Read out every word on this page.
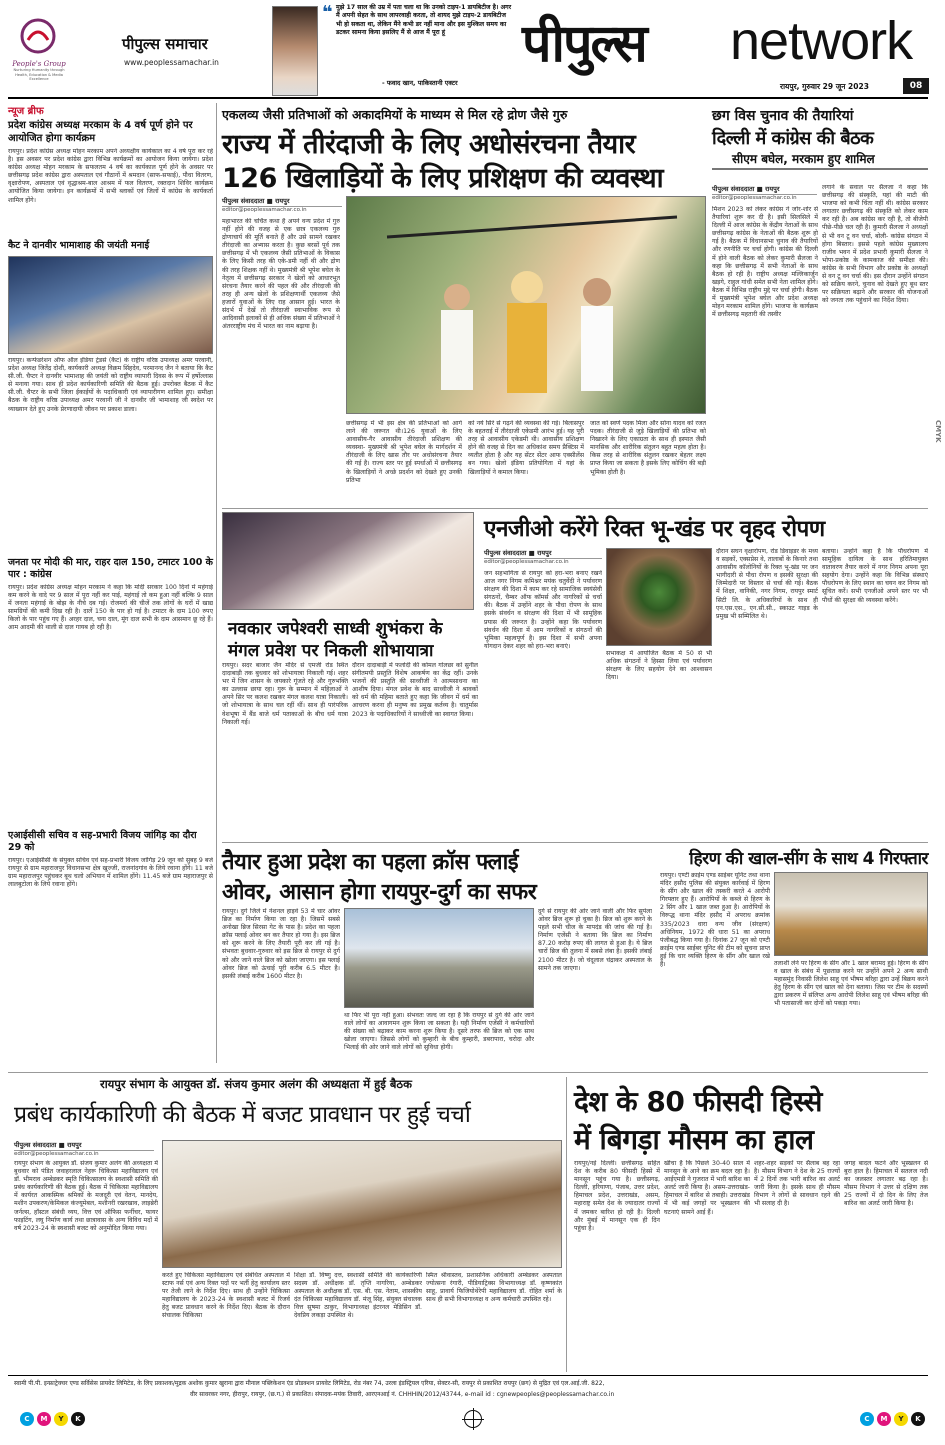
People's Group
Nurturing Humanity through Health, Education & Media Excellence
पीपुल्स समाचार
www.peoplessamachar.in
❝ मुझे 17 साल की उम्र में पता चला था कि उनको टाइप-1 डायबिटीज है। अगर मैं अपनी सेहत के साथ लापरवाही करता, तो शायद मुझे टाइप-2 डायबिटीज भी हो सकता था, लेकिन मैंने कभी डर नहीं माना और इस मुश्किल समय का डटकर सामना किया इसलिए मैं से आज मैं पूरा हूं
- फवाद खान, पाकिस्तानी एक्टर
पीपुल्स network
रायपुर, गुरुवार 29 जून 2023	08
न्यूज ब्रीफ
प्रदेश कांग्रेस अध्यक्ष मरकाम के 4 वर्ष पूर्ण होने पर आयोजित होगा कार्यक्रम
रायपुर। प्रदेश कांग्रेस अध्यक्ष मोहन मरकाम अपने अध्यक्षीय कार्यकाल का 4 वर्ष पूरा कर रहे है। इस अवसर पर प्रदेश कांग्रेस द्वारा विभिन्न कार्यक्रमों का आयोजन किया जायेगा। प्रदेश कांग्रेस अध्यक्ष मोहन मरकाम के सफलतम 4 वर्ष का कार्यकाल पूर्ण होने के अवसर पर छत्तीसगढ़ प्रदेश कांग्रेस द्वारा अस्पताल एवं गौठानों में श्रमदान (साफ-सफाई), पौधा वितरण, वृक्षारोपण, अस्पताल एवं वृद्धाश्रम-बाल आश्रम में फल वितरण, रक्तदान शिविर कार्यक्रम आयोजित किया जायेगा। इन कार्यक्रमों में सभी ब्लाकों एवं जिलों में कांग्रेस के कार्यकर्ता शामिल होंगे।
कैट ने दानवीर भामाशाह की जयंती मनाई
रायपुर। कन्फेडरेशन ऑफ ऑल इंडिया ट्रेडर्स (कैट) के राष्ट्रीय वरिष्ठ उपाध्यक्ष अमर परवानी, प्रदेश अध्यक्ष जितेंद्र दोशी, कार्यकारी अध्यक्ष विक्रम सिंहदेव, परमानन्द जैन ने बताया कि कैट सी.जी. चैप्टर ने दानवीर भामाशाह की जयंती को राष्ट्रीय व्यापारी दिवस के रूप में हर्षोल्लास से मनाया गया। साथ ही प्रदेश कार्यकारिणी समिति की बैठक हुई। उपरोक्त बैठक में कैट सी.जी. चैप्टर के सभी जिला ईकाईयों के पदाधिकारी एवं व्यापारीगण शामिल हुए। समीक्षा बैठक के राष्ट्रीय वरिष्ठ उपाध्यक्ष अमर परवानी जी ने दानवीर जी भामाशाह जी स्वदेश पर व्याख्यान देते हुए उनके प्रेरणादायी जीवन पर प्रकाश डाला।
जनता पर मोदी की मार, राहर दाल 150, टमाटर 100 के पार : कांग्रेस
रायपुर। प्रदेश कांग्रेस अध्यक्ष मोहन मरकाम ने कहा कि मोदी सरकार 100 दिनों में महंगाई कम करने के वादे पर 9 साल में पूरा नहीं कर पाई, महंगाई तो कम हुआ नहीं बल्कि 9 साल में जनता महंगाई के बोझ के नीचे दब गई। रोजमर्रा की चीजें तक लोगों के घरों में खाद्य सामग्रियों की कमी दिख रही है। दालें 150 के पार हो गई है। टमाटर के दाम 100 रुपए किलो के पार पहुंच गए हैं। अरहर दाल, चना दाल, मूंग दाल सभी के दाम आसमान छू रहे हैं। आम आदमी की थाली से दाल गायब हो रही है।
एआईसीसी सचिव व सह-प्रभारी विजय जांगिड़ का दौरा 29 को
रायपुर। एआईसीसी के संयुक्त सचिव एवं सह-प्रभारी विजय जांगिड़ 29 जून को सुबह 9 बजे रायपुर से ग्राम महाराजपुर विधानसभा क्षेत्र खुज्जी, राजनांदगांव के लिये रवाना होंगे। 11 बजे ग्राम महाराजपुर पहुंचकर बूथ चलो अभियान में शामिल होंगे। 11.45 बजे ग्राम महाराजपुर से लालबुटोला के लिये रवाना होंगे।
एकलव्य जैसी प्रतिभाओं को अकादमियों के माध्यम से मिल रहे द्रोण जैसे गुरु
राज्य में तीरंदाजी के लिए अधोसंरचना तैयार
126 खिलाड़ियों के लिए प्रशिक्षण की व्यवस्था
पीपुल्स संवाददाता ■ रायपुर
editor@peoplessamachar.co.in
महाभारत की चर्चित कथा है अपने वन्य प्रदेश में गुरु नहीं होने की वजह से एक छात्र एकलव्य गुरु द्रोणाचार्य की मूर्ति बनाते हैं और उसे सामने रखकर तीरंदाजी का अभ्यास करता है। कुछ बरसों पूर्व तक छत्तीसगढ़ में भी एकलव्य जैसी प्रतिभाओं के विकास के लिए किसी तरह की एके-डमी नहीं थी और द्रोण की तरह शिक्षक नहीं थे। मुख्यमंत्री श्री भूपेश बघेल के नेतृत्व में छत्तीसगढ़ सरकार ने खेलों को आधारभूत संरचना तैयार करने की पहल की और तीरंदाजी की तरह ही अन्य खेलों के प्रशिक्षणार्थी एकलव्य जैसे हजारों युवाओं के लिए राह आसान हुई। भारत के संदर्भ में देखें तो तीरंदाजी स्वाभाविक रूप से आदिवासी इलाकों से ही अधिक संख्या में प्रतिभाओं ने अंतरराष्ट्रीय मंच में भारत का नाम बढ़ाया है।
छत्तीसगढ़ में भी इस क्षेत्र की प्रतिभाओं को आगे लाने की जरूरत थी।126 युवाओं के लिए आवासीय-गैर आवासीय तीरंदाजी प्रशिक्षण की व्यवस्था- मुख्यमंत्री श्री भूपेश बघेल के मार्गदर्शन में तीरंदाजी के लिए खास तौर पर अधोसंरचना तैयार की गई है। राज्य स्तर पर हुई स्पर्धाओं में छत्तीसगढ़ के खिलाड़ियों ने अच्छे प्रदर्शन को देखते हुए उनकी प्रतिभा
को नये सिरे से गढ़ने की व्यवस्था की गई। बिलासपुर के बहतराई में तीरंदाजी एकेडमी आरंभ हुई। यह पूरी तरह से आवासीय एकेडमी थी। आवासीय प्रशिक्षण होने की वजह से दिन का अधिकांश समय प्रैक्टिस में व्यतीत होता है और यह सेंटर सेंटर आफ एक्सीलेंस बन गया। खेलो इंडिया प्रतियोगिता में यहां के खिलाड़ियों ने कमाल किया।
जात को स्वर्ण पदक मिला और सोना यादव को रजत पदक। तीरंदाजी से जुड़े खिलाड़ियों की प्रतिभा को निखारने के लिए एकाग्रता के साथ ही इस्पात जैसी मानसिक और शारीरिक संतुलन बहुत महत्व होता है। किस तरह से शारीरिक संतुलन रखकर बेहतर लक्ष्य प्राप्त किया जा सकता है इसके लिए कोचिंग की बड़ी भूमिका होती है।
छग विस चुनाव की तैयारियां
दिल्ली में कांग्रेस की बैठक
सीएम बघेल, मरकाम हुए शामिल
पीपुल्स संवाददाता ■ रायपुर
editor@peoplessamachar.co.in
मिशन 2023 को लेकर कांग्रेस ने जोर-शोर से तैयारियां शुरू कर दी है। इसी सिलसिले में दिल्ली में आज कांग्रेस के केंद्रीय नेताओं के साथ छत्तीसगढ़ कांग्रेस के नेताओं की बैठक शुरू हो गई है। बैठक में विधानसभा चुनाव की तैयारियों और रणनीति पर चर्चा होगी। कांग्रेस की दिल्ली में होने वाली बैठक को लेकर कुमारी सैलजा ने कहा कि छत्तीसगढ़ में सभी नेताओं के साथ बैठक हो रही है। राष्ट्रीय अध्यक्ष मल्लिकार्जुन खड़गे, राहुल गांधी समेत सभी नेता शामिल होंगे। बैठक में विभिन्न राष्ट्रीय मुद्दे पर चर्चा होगी। बैठक में मुख्यमंत्री भूपेश बघेल और प्रदेश अध्यक्ष मोहन मरकाम शामिल होंगे। भाजपा के कार्यक्रम में छत्तीसगढ़ महतारी की तस्वीर
लगाने के सवाल पर सैलजा ने कहा कि छत्तीसगढ़ की संस्कृति, यहां की माटी की भाजपा को कभी चिंता नहीं थी। कांग्रेस सरकार लगातार छत्तीसगढ़ की संस्कृति को लेकर काम कर रही है। अब कांग्रेस कर रही है, तो बीजेपी पीछे-पीछे चल रही है। कुमारी सैलजा ने अध्यक्षों से भी वन टू वन चर्चा, बोली- कांग्रेस संगठन में होगा बिस्तार। इससे पहले कांग्रेस मुख्यालय राजीव भवन में प्रदेश प्रभारी कुमारी सैलजा ने भोपा-प्रकोष्ठ के कामकाज की समीक्षा की। कांग्रेस के सभी विभाग और प्रकोष्ठ के अध्यक्षों से वन टू वन चर्चा की। इस दौरान उन्होंने संगठन को सक्रिय करने, चुनाव को देखते हुए बूथ स्तर पर सक्रियता बढ़ाने और सरकार की योजनाओं को जनता तक पहुंचाने का निर्देश दिया।
CMYK
एनजीओ करेंगे रिक्त भू-खंड पर वृहद रोपण
पीपुल्स संवाददाता ■ रायपुर
editor@peoplessamachar.co.in
जन सहभागिता से रायपुर को हरा-भरा बनाए रखने आज नगर निगम कमिश्नर मयंक चतुर्वेदी ने पर्यावरण संरक्षण की दिशा में काम कर रहे सामाजिक स्वयंसेवी संगठनों, चैम्बर ऑफ कॉमर्स और नागरिकों से चर्चा की। बैठक में उन्होंने शहर के पौधा रोपण के साथ इसके संवर्धन व संरक्षण की दिशा में भी सामूहिक प्रयास की जरूरत है। उन्होंने कहा कि पर्यावरण संवर्धन की दिशा में आम नागरिकों व संगठनों की भूमिका महत्वपूर्ण है। इस दिशा में सभी अपना योगदान देकर शहर को हरा-भरा बनाएं।
सभाकक्ष में आयोजित बैठक में 50 से भी अधिक संगठनों ने हिस्सा लिया एवं पर्यावरण संरक्षण के लिए सहयोग देने का आश्वासन दिया।
दौरान सघन वृक्षारोपण, रोड डिवाइडर के मध्य व सड़कों, एक्सप्रेस वे, तालाबों के किनारे तथा आवासीय कॉलोनियों के रिक्त भू-खंड पर जन भागीदारी से पौधा रोपण व इसकी सुरक्षा की जिम्मेदारी पर विस्तार से चर्चा की गई। बैठक में शिक्षा, वानिकी, नगर निगम, रायपुर स्मार्ट सिटी लि. के अधिकारियों के साथ ही एन.एस.एस., एन.सी.सी., स्काउट गाइड के प्रमुख भी सम्मिलित थे।
बताया। उन्होंने कहा है कि पौधरोपण में सामूहिक दायित्व के साथ हरितिमायुक्त वातावरण तैयार करने में नगर निगम अपना पूरा सहयोग देगा। उन्होंने कहा कि विभिन्न संस्थाएं पौधरोपण के लिए स्थान का चयन कर निगम को सूचित करें। सभी एनजीओ अपने स्तर पर भी पौधों की सुरक्षा की व्यवस्था करेंगे।
नवकार जपेश्वरी साध्वी शुभंकरा के
मंगल प्रवेश पर निकली शोभायात्रा
रायपुर। सदर बाजार जैन मंदिर से एमजी रोड स्थित दादाबाड़ी तक बुधवार को शोभायात्रा निकाली गई। शहर भर में जिन शासन के जयकारे गूंजते रहे और गुरुभक्ति का उल्लास छाया रहा। गुरू के सम्मान में महिलाओं ने अपने सिर पर कलश रखकर मंगल कलश यात्रा निकाली। जो शोभायात्रा के साथ चल रहीं थीं। साथ ही पारंपरिक वेशभूषा में बैंड बाजे धर्म पताकाओं के बीच धर्म यात्रा निकाली गई।
दौरान दादाबाड़ी में फलोदी की कोमल गोलछा को सुनील संगीतमयी प्रस्तुति विशेष आकर्षण का केंद्र रहीं। उनके भजनों की प्रस्तुति की साध्वीजी ने आत्मसाधना का आशीष दिया। मंगल प्रवेश के बाद साध्वीजी ने श्रावकों को धर्म की महिमा बताते हुए कहा कि जीवन में धर्म का आचरण करना ही मनुष्य का प्रमुख कर्तव्य है। चातुर्मास 2023 के पदाधिकारियों ने साध्वीजी का स्वागत किया।
तैयार हुआ प्रदेश का पहला क्रॉस फ्लाई
ओवर, आसान होगा रायपुर-दुर्ग का सफर
रायपुर। दुर्ग जिले में नेशनल हाइवे 53 में चार ओवर ब्रिज का निर्माण किया जा रहा है। जिसमें सबसे अनोखा ब्रिज सिरसा गेट के पास है। प्रदेश का पहला क्रॉस फ्लाई ओवर बन कर तैयार हो गया है। इस ब्रिज को शुरू करने के लिए तैयारी पूरी कर ली गई है। संभवतः बुधवार-गुरुवार को इस ब्रिज से रायपुर से दुर्ग को और जाने वाले ब्रिज को खोला जाएगा। इस फ्लाई ओवर ब्रिज को ऊंचाई पूरी करीब 6.5 मीटर है। इसकी लंबाई करीब 1600 मीटर है।
था फिर भी पूरा नहीं हुआ। संभवतः जल्द जा रहा है कि रायपुर से दुर्ग की ओर जाने वाले लोगों का आवागमन शुरू किया जा सकता है। यही निर्माण एजेंसी ने कर्मचारियों की संख्या को बढ़ाकर काम करना शुरू किया है। दूसरे तरफ की ब्रिज को एक साथ खोला जाएगा। जिससे लोगों को कुम्हारी के बीच कुम्हारी, डबरापारा, चरोदा और भिलाई की ओर जाने वाले लोगों को सुविधा होगी।
दुर्ग से रायपुर की ओर जाने वाली और फिर सुपेला ओवर ब्रिज शुरू हो चुका है। ब्रिज को शुरू करने के पहले सभी चीज के मापदंड की जांच की गई है। निर्माण एजेंसी ने बताया कि ब्रिज का निर्माण 87.20 करोड़ रुपए की लागत से हुआ है। ये ब्रिज चारों ब्रिज की तुलना में सबसे लंबा है। इसकी लंबाई 2100 मीटर है। जो चंदूलाल चंद्राकर अस्पताल के सामने तक जाएगा।
हिरण की खाल-सींग के साथ 4 गिरफ्तार
रायपुर। एण्टी क्राईम एण्ड साईबर यूनिट तथा थाना मंदिर हसौद पुलिस की संयुक्त कार्रवाई में हिरण के सींग और खाल की तस्करी करते 4 आरोपी गिरफ्तार हुए हैं। आरोपियों के कब्जे से हिरण के 2 सिंग और 1 खाल जब्त हुआ है। आरोपियों के विरूद्ध थाना मंदिर हसौद में अपराध क्रमांक 335/2023 धारा वन्य जीव (संरक्षण) अधिनियम, 1972 की धारा 51 का अपराध पंजीबद्ध किया गया है। दिनांक 27 जून को एण्टी क्राईम एण्ड साईबर यूनिट की टीम को सूचना प्राप्त हुई कि चार व्यक्ति हिरण के सींग और खाल रखे हैं।	तलाशी लेने पर हिरण के सींग और 1 खाल बरामद हुई। हिरण के सींग व खाल के संबंध में पूछताछ करने पर उन्होंने अपने 2 अन्य साथी महासमुंद निवासी लिलेश साहू एवं भीषम बरिहा द्वारा उन्हें बिक्रय करने हेतु हिरण के सींग एवं खाल को देना बताया। जिस पर टीम के सदस्यों द्वारा प्रकरण में संलिप्त अन्य आरोपी लिलेश साहू एवं भीषम बरिहा की भी पतासाजी कर दोनों को पकड़ा गया।
रायपुर संभाग के आयुक्त डॉ. संजय कुमार अलंग की अध्यक्षता में हुई बैठक
प्रबंध कार्यकारिणी की बैठक में बजट प्रावधान पर हुई चर्चा
पीपुल्स संवाददाता ■ रायपुर
editor@peoplessamachar.co.in
रायपुर संभाग के आयुक्त डॉ. संजय कुमार अलंग की अध्यक्षता में बुधवार को पंडित जवाहरलाल नेहरू चिकित्सा महाविद्यालय एवं डॉ. भीमराव अम्बेडकर स्मृति चिकित्सालय के स्वशासी समिति की प्रबंध कार्यकारिणी की बैठक हुई। बैठक में चिकित्सा महाविद्यालय में कार्यरत आकस्मिक श्रमिकों के मजदूरी एवं वेतन, मानदेय, मशीन उपकरण/केमिकल कंज्यूमेबल, मशीनरी रखरखाव, लाइब्रेरी जर्नल्स, हॉस्टल संबंधी व्यय, वित्त एवं ऑफिस फर्नीचर, फायर फाइटिंग, लघु निर्माण कार्य तथा छात्रावास के अन्य विविध मदों में वर्ष 2023-24 के स्वशासी बजट को अनुमोदित किया गया।
करते हुए चिकित्सा महाविद्यालय एवं संबंधित अस्पताल में स्टाफ नर्स एवं अन्य रिक्त पदों पर भर्ती हेतु कार्यालय स्तर पर तेजी लाने के निर्देश दिए। साथ ही उन्होंने चिकित्सा महाविद्यालय के 2023-24 के स्वशासी बजट में रिजर्व हेतु बजट प्रावधान करने के निर्देश दिए। बैठक के दौरान संचालक चिकित्सा
शिक्षा डॉ. विष्णु दत्त, स्वशासी समिति की कार्यकारिणी सदस्य डॉ. अधीक्षक डॉ. तृप्ति नागरिया, अम्बेडकर अस्पताल के अधीक्षक डॉ. एस. बी. एस. नेताम, शासकीय दंत चिकित्सा महाविद्यालय डॉ. मंजू सिंह, संयुक्त संचालक वित्त सुषमा ठाकुर, विभागाध्यक्ष इंटरनल मेडिसिन डॉ. देवप्रिय लकड़ा उपस्थित थे।
स्मित श्रीवास्तव, प्रशासनिक अधिकारी अम्बेडकर अस्पताल ज्योत्सना रंगारी, पीडियाट्रिक्स विभागाध्यक्ष डॉ. कृष्णकांत साहू, प्रावार्य फिजियोथेरेपी महाविद्यालय डॉ. रोहित शर्मा के साथ ही सभी विभागाध्यक्ष व अन्य कर्मचारी उपस्थित रहे।
देश के 80 फीसदी हिस्से
में बिगड़ा मौसम का हाल
रायपुर/नई दिल्ली। छत्तीसगढ़ सहित देश के करीब 80 फीसदी हिस्से में मानसून पहुंच गया है। छत्तीसगढ़, दिल्ली, हरियाणा, पंजाब, उत्तर प्रदेश, हिमाचल प्रदेश, उत्तराखंड, असम, महाराष्ट्र समेत देश के ज्यादातर राज्यों में जमकर बारिश हो रही है। दिल्ली और मुंबई में मानसून एक ही दिन पहुंचा है।
खींचा है कि पिछले 30-40 साल में मानसून के आने का क्रम बदल रहा है। आईएमडी ने गुजरात में भारी बारिश का अलर्ट जारी किया है। असम-उत्तराखंड-हिमाचल में बारिश से तबाही। उत्तराखंड में भी कई जगहों पर भूस्खलन की घटनाएं सामने आई हैं।
शहर-शहर सड़कों पर सैलाब बह रहा है। मौसम विभाग ने देश के 25 राज्यों में 2 दिनों तक भारी बारिश का अलर्ट जारी किया है। इसके साथ ही मौसम विभाग ने लोगों से सावधान रहने की भी सलाह दी है।
जगह बादल फटने और भूस्खलन से बुरा हाल है। हिमाचल में सतलज नदी का जलस्तर लगातार बढ़ रहा है। मौसम विभाग ने उत्तर से दक्षिण तक 25 राज्यों में दो दिन के लिए तेज बारिश का अलर्ट जारी किया है।
स्वामी पी.पी. इन्फ्राट्रेक्चर एण्ड सर्विसेस प्रायवेट लिमिटेड, के लिए प्रकाशक/मुद्रक अशोक कुमार खुराना द्वारा मीनाल पब्लिकेशन एंड प्रोडक्शन प्रायवेट लिमिटेड, रोड नंबर 74, उरला इंडस्ट्रियल एरिया, सेक्टर-सी, रायपुर से प्रकाशित रायपुर (छग) से मुद्रित एवं एल.आई.जी. 822,
वीर सावरकर नगर, हीरापुर, रायपुर, (छ.ग.) से प्रकाशित। संपादक-मयंक तिवारी, आरएनआई नं. CHHHIN/2012/43744, e-mail id : cgnewpeoples@peoplessamachar.co.in
C	M	Y	K	C	M	Y	K
